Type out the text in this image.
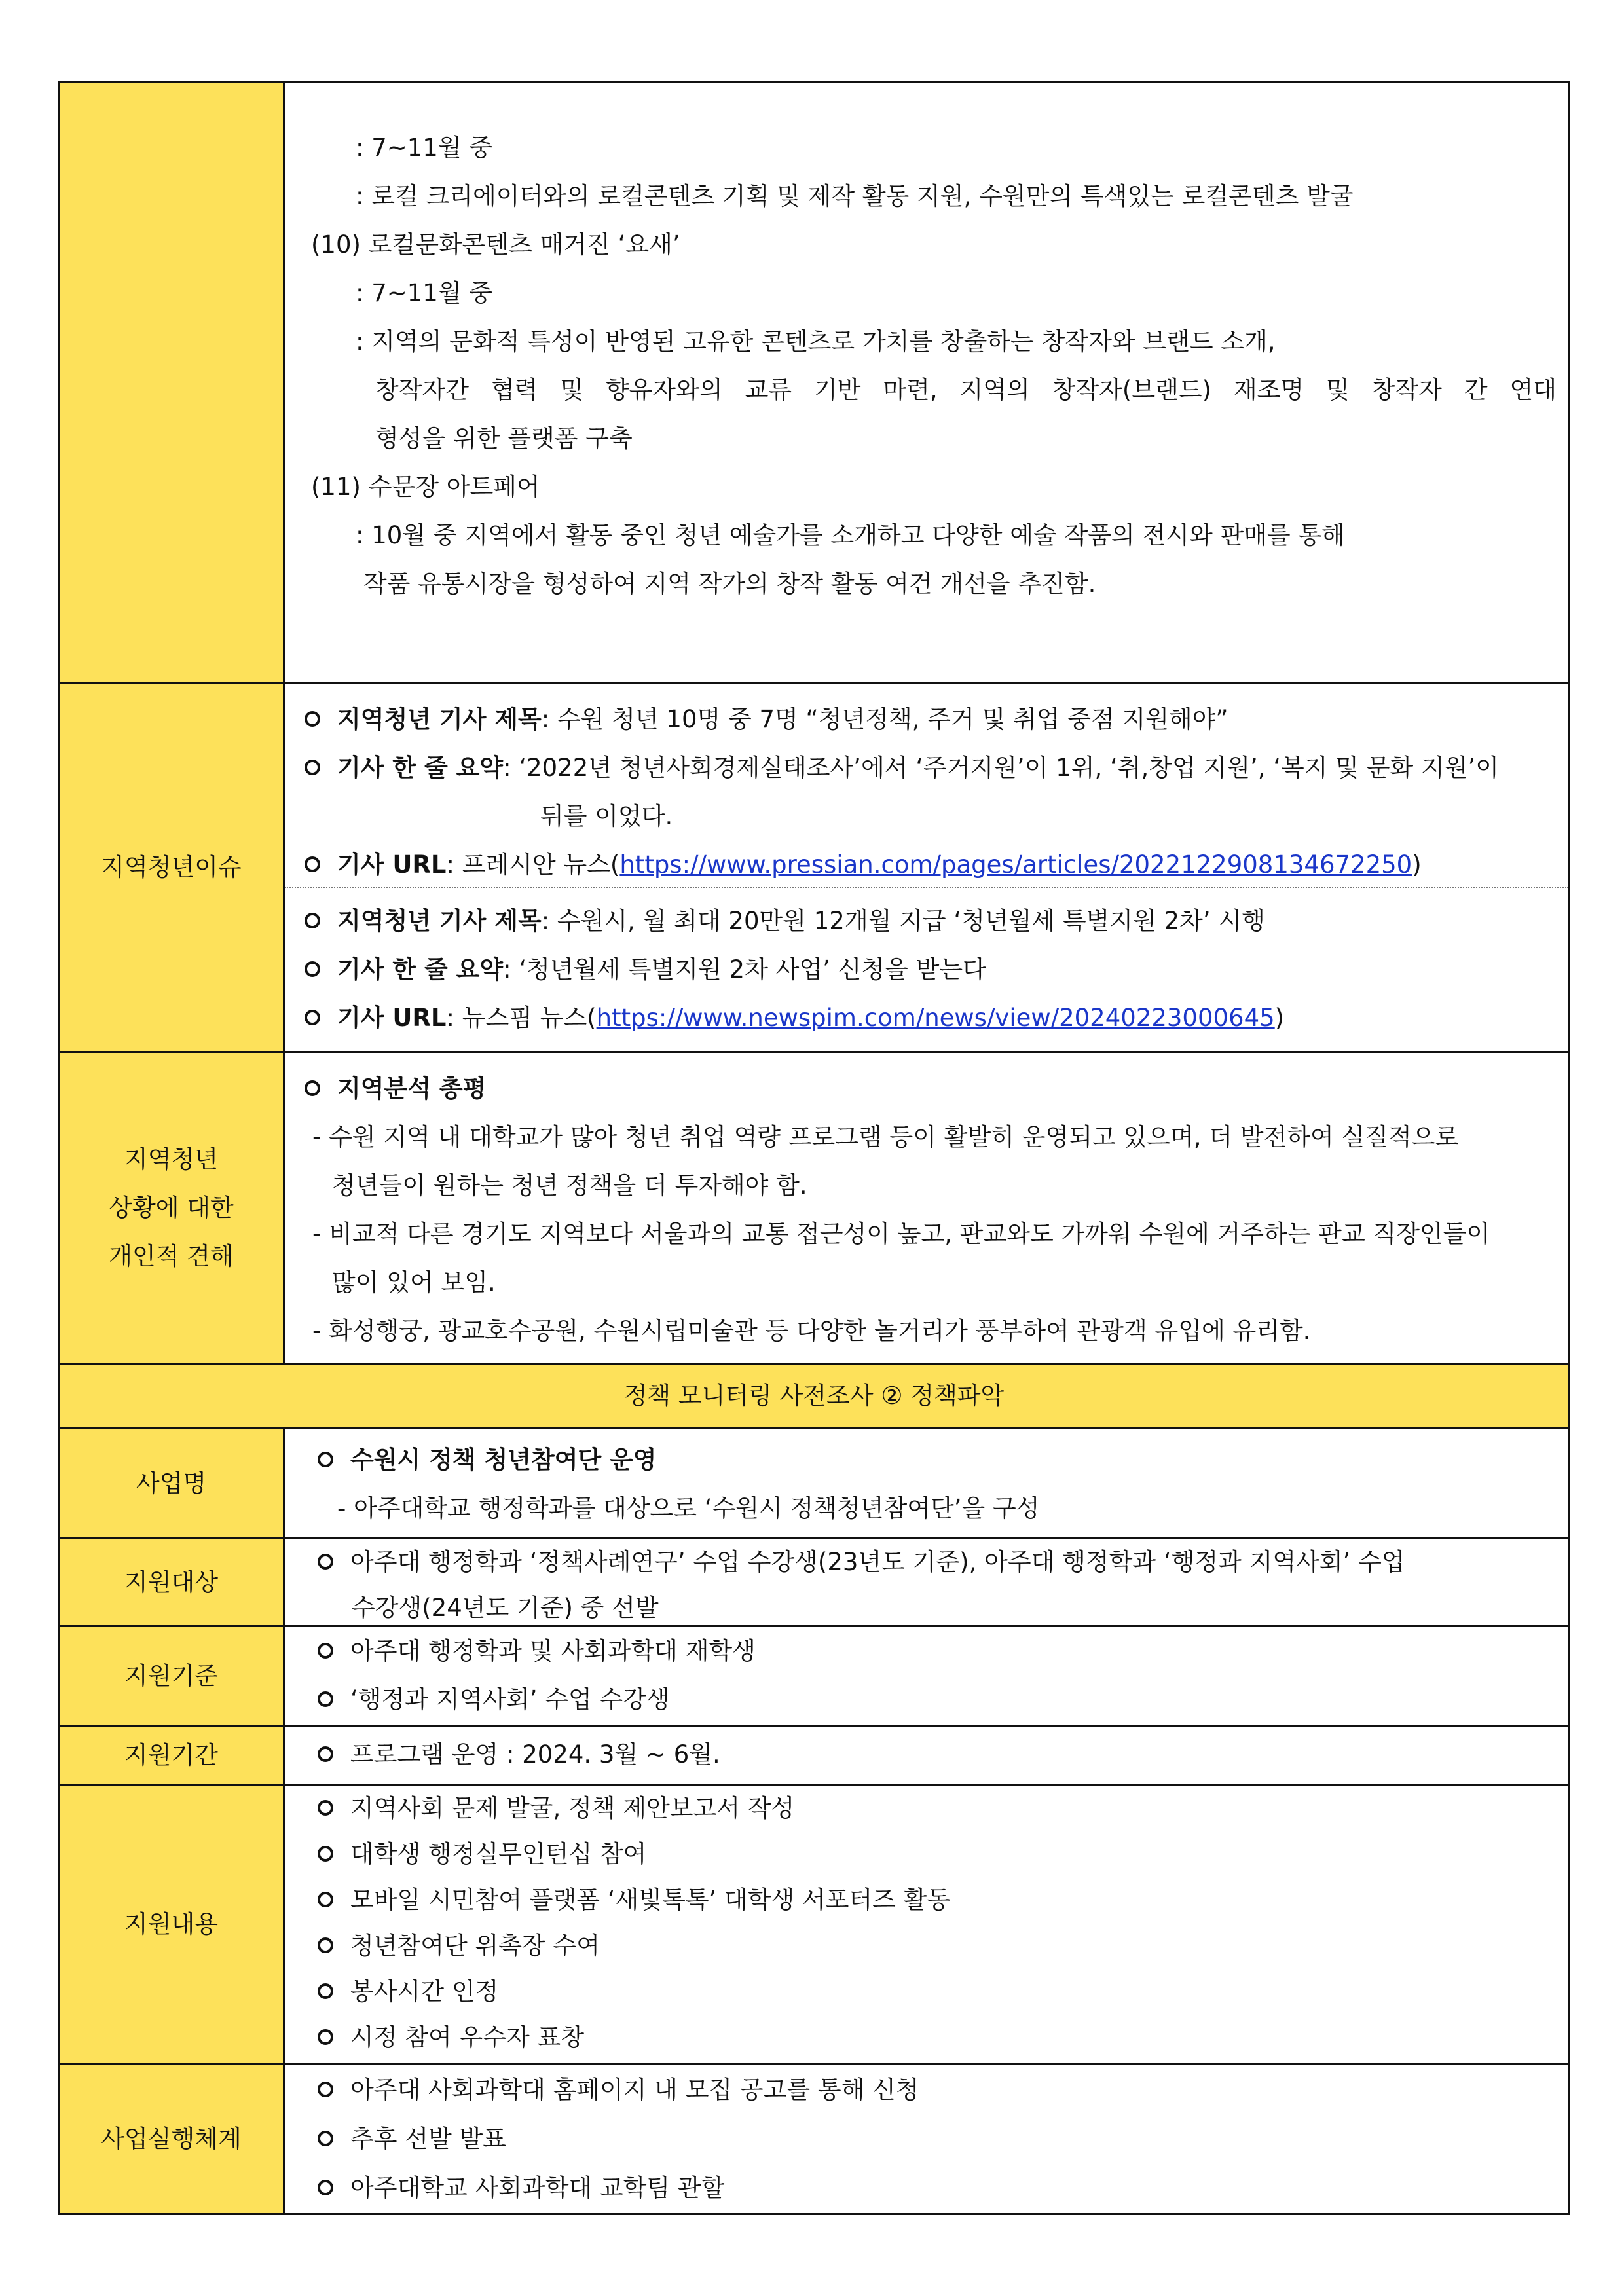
: 7~11월 중
: 로컬 크리에이터와의 로컬콘텐츠 기획 및 제작 활동 지원, 수원만의 특색있는 로컬콘텐츠 발굴
(10) 로컬문화콘텐츠 매거진 ‘요새’
: 7~11월 중
: 지역의 문화적 특성이 반영된 고유한 콘텐츠로 가치를 창출하는 창작자와 브랜드 소개,
창작자간 협력 및 향유자와의 교류 기반 마련, 지역의 창작자(브랜드) 재조명 및 창작자 간 연대
형성을 위한 플랫폼 구축
(11) 수문장 아트페어
: 10월 중 지역에서 활동 중인 청년 예술가를 소개하고 다양한 예술 작품의 전시와 판매를 통해
작품 유통시장을 형성하여 지역 작가의 창작 활동 여건 개선을 추진함.
지역청년이슈
지역청년 기사 제목: 수원 청년 10명 중 7명 “청년정책, 주거 및 취업 중점 지원해야”
기사 한 줄 요약: ‘2022년 청년사회경제실태조사’에서 ‘주거지원’이 1위, ‘취,창업 지원’, ‘복지 및 문화 지원’이
뒤를 이었다.
기사 URL: 프레시안 뉴스(https://www.pressian.com/pages/articles/2022122908134672250)
지역청년 기사 제목: 수원시, 월 최대 20만원 12개월 지급 ‘청년월세 특별지원 2차’ 시행
기사 한 줄 요약: ‘청년월세 특별지원 2차 사업’ 신청을 받는다
기사 URL: 뉴스핌 뉴스(https://www.newspim.com/news/view/20240223000645)
지역청년
상황에 대한
개인적 견해
지역분석 총평
- 수원 지역 내 대학교가 많아 청년 취업 역량 프로그램 등이 활발히 운영되고 있으며, 더 발전하여 실질적으로
청년들이 원하는 청년 정책을 더 투자해야 함.
- 비교적 다른 경기도 지역보다 서울과의 교통 접근성이 높고, 판교와도 가까워 수원에 거주하는 판교 직장인들이
많이 있어 보임.
- 화성행궁, 광교호수공원, 수원시립미술관 등 다양한 놀거리가 풍부하여 관광객 유입에 유리함.
정책 모니터링 사전조사 ② 정책파악
사업명
수원시 정책 청년참여단 운영
- 아주대학교 행정학과를 대상으로 ‘수원시 정책청년참여단’을 구성
지원대상
아주대 행정학과 ‘정책사례연구’ 수업 수강생(23년도 기준), 아주대 행정학과 ‘행정과 지역사회’ 수업
수강생(24년도 기준) 중 선발
지원기준
아주대 행정학과 및 사회과학대 재학생
‘행정과 지역사회’ 수업 수강생
지원기간	프로그램 운영 : 2024. 3월 ~ 6월.
지원내용
지역사회 문제 발굴, 정책 제안보고서 작성
대학생 행정실무인턴십 참여
모바일 시민참여 플랫폼 ‘새빛톡톡’ 대학생 서포터즈 활동
청년참여단 위촉장 수여
봉사시간 인정
시정 참여 우수자 표창
사업실행체계
아주대 사회과학대 홈페이지 내 모집 공고를 통해 신청
추후 선발 발표
아주대학교 사회과학대 교학팀 관할
